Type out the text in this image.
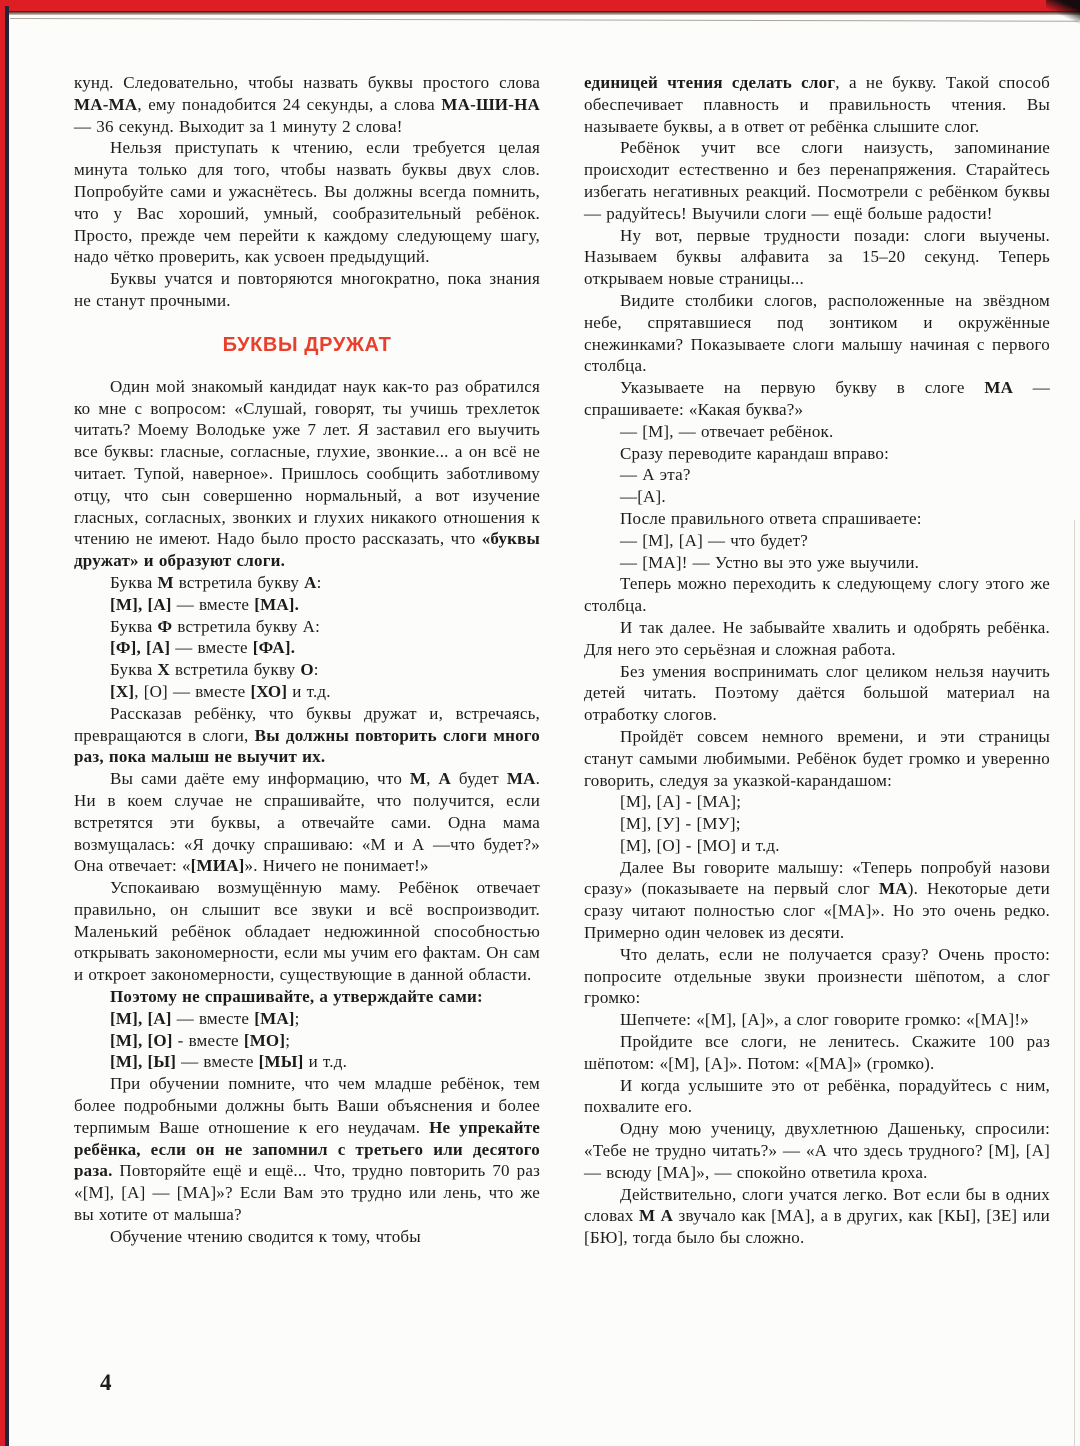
кунд. Следовательно, чтобы назвать буквы простого слова МА-МА, ему понадобится 24 секунды, а слова МА-ШИ-НА — 36 секунд. Выходит за 1 минуту 2 слова!

Нельзя приступать к чтению, если требуется целая минута только для того, чтобы назвать буквы двух слов. Попробуйте сами и ужаснётесь. Вы должны всегда помнить, что у Вас хороший, умный, сообразительный ребёнок. Просто, прежде чем перейти к каждому следующему шагу, надо чётко проверить, как усвоен предыдущий.

Буквы учатся и повторяются многократно, пока знания не станут прочными.

БУКВЫ ДРУЖАТ

Один мой знакомый кандидат наук как-то раз обратился ко мне с вопросом: «Слушай, говорят, ты учишь трехлеток читать? Моему Володьке уже 7 лет. Я заставил его выучить все буквы: гласные, согласные, глухие, звонкие... а он всё не читает. Тупой, наверное». Пришлось сообщить заботливому отцу, что сын совершенно нормальный, а вот изучение гласных, согласных, звонких и глухих никакого отношения к чтению не имеют. Надо было просто рассказать, что «буквы дружат» и образуют слоги.

Буква М встретила букву А:

[М], [А] — вместе [МА].

Буква Ф встретила букву А:

[Ф], [А] — вместе [ФА].

Буква Х встретила букву О:

[Х], [О] — вместе [ХО] и т.д.

Рассказав ребёнку, что буквы дружат и, встречаясь, превращаются в слоги, Вы должны повторить слоги много раз, пока малыш не выучит их.

Вы сами даёте ему информацию, что М, А будет МА. Ни в коем случае не спрашивайте, что получится, если встретятся эти буквы, а отвечайте сами. Одна мама возмущалась: «Я дочку спрашиваю: «М и А —что будет?» Она отвечает: «[МИА]». Ничего не понимает!»

Успокаиваю возмущённую маму. Ребёнок отвечает правильно, он слышит все звуки и всё воспроизводит. Маленький ребёнок обладает недюжинной способностью открывать закономерности, если мы учим его фактам. Он сам и откроет закономерности, существующие в данной области.

Поэтому не спрашивайте, а утверждайте сами:

[М], [А] — вместе [МА];

[М], [О] - вместе [МО];

[М], [Ы] — вместе [МЫ] и т.д.

При обучении помните, что чем младше ребёнок, тем более подробными должны быть Ваши объяснения и более терпимым Ваше отношение к его неудачам. Не упрекайте ребёнка, если он не запомнил с третьего или десятого раза. Повторяйте ещё и ещё... Что, трудно повторить 70 раз «[М], [А] — [МА]»? Если Вам это трудно или лень, что же вы хотите от малыша?

Обучение чтению сводится к тому, чтобы

единицей чтения сделать слог, а не букву. Такой способ обеспечивает плавность и правильность чтения. Вы называете буквы, а в ответ от ребёнка слышите слог.

Ребёнок учит все слоги наизусть, запоминание происходит естественно и без перенапряжения. Старайтесь избегать негативных реакций. Посмотрели с ребёнком буквы — радуйтесь! Выучили слоги — ещё больше радости!

Ну вот, первые трудности позади: слоги выучены. Называем буквы алфавита за 15–20 секунд. Теперь открываем новые страницы...

Видите столбики слогов, расположенные на звёздном небе, спрятавшиеся под зонтиком и окружённые снежинками? Показываете слоги малышу начиная с первого столбца.

Указываете на первую букву в слоге МА — спрашиваете: «Какая буква?»

— [М], — отвечает ребёнок.

Сразу переводите карандаш вправо:

— А эта?

—[А].

После правильного ответа спрашиваете:

— [М], [А] — что будет?

— [МА]! — Устно вы это уже выучили.

Теперь можно переходить к следующему слогу этого же столбца.

И так далее. Не забывайте хвалить и одобрять ребёнка. Для него это серьёзная и сложная работа.

Без умения воспринимать слог целиком нельзя научить детей читать. Поэтому даётся большой материал на отработку слогов.

Пройдёт совсем немного времени, и эти страницы станут самыми любимыми. Ребёнок будет громко и уверенно говорить, следуя за указкой-карандашом:

[М], [А] - [МА];

[М], [У] - [МУ];

[М], [О] - [МО] и т.д.

Далее Вы говорите малышу: «Теперь попробуй назови сразу» (показываете на первый слог МА). Некоторые дети сразу читают полностью слог «[МА]». Но это очень редко. Примерно один человек из десяти.

Что делать, если не получается сразу? Очень просто: попросите отдельные звуки произнести шёпотом, а слог громко:

Шепчете: «[М], [А]», а слог говорите громко: «[МА]!»

Пройдите все слоги, не ленитесь. Скажите 100 раз шёпотом: «[М], [А]». Потом: «[МА]» (громко).

И когда услышите это от ребёнка, порадуйтесь с ним, похвалите его.

Одну мою ученицу, двухлетнюю Дашеньку, спросили: «Тебе не трудно читать?» — «А что здесь трудного? [М], [А] — всюду [МА]», — спокойно ответила кроха.

Действительно, слоги учатся легко. Вот если бы в одних словах М А звучало как [МА], а в других, как [КЫ], [ЗЕ] или [БЮ], тогда было бы сложно.

4
